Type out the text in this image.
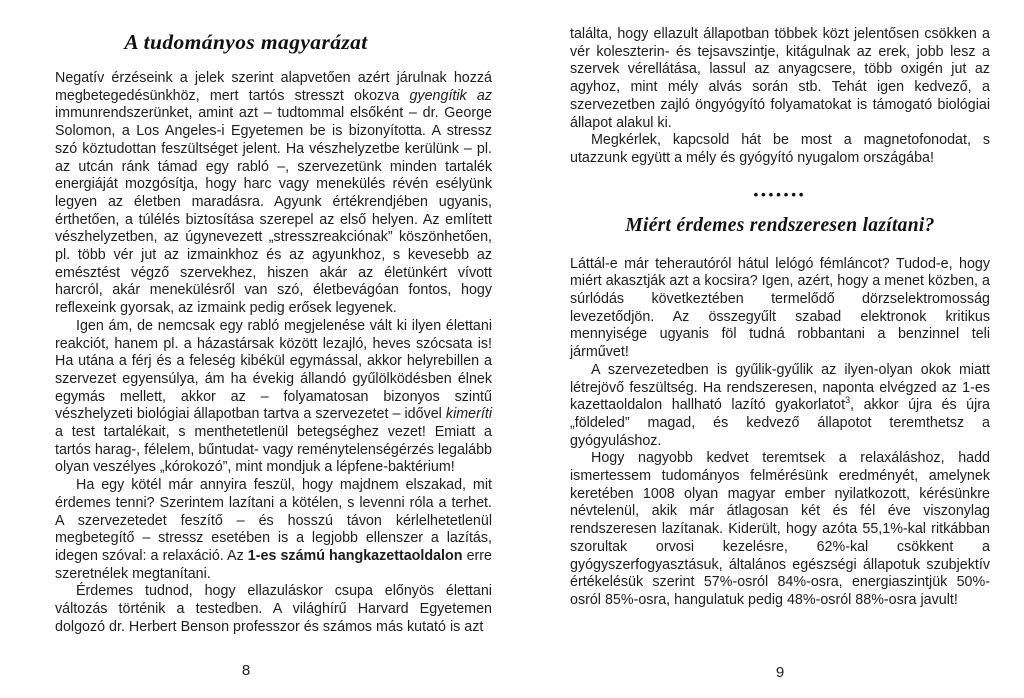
A tudományos magyarázat

Negatív érzéseink a jelek szerint alapvetően azért járulnak hozzá megbetegedésünkhöz, mert tartós stresszt okozva gyengítik az immunrendszerünket, amint azt – tudtommal elsőként – dr. George Solomon, a Los Angeles-i Egyetemen be is bizonyította. A stressz szó köztudottan feszültséget jelent. Ha vészhelyzetbe kerülünk – pl. az utcán ránk támad egy rabló –, szervezetünk minden tartalék energiáját mozgósítja, hogy harc vagy menekülés révén esélyünk legyen az életben maradásra. Agyunk értékrendjében ugyanis, érthetően, a túlélés biztosítása szerepel az első helyen. Az említett vészhelyzetben, az úgynevezett „stresszreakciónak” köszönhetően, pl. több vér jut az izmainkhoz és az agyunkhoz, s kevesebb az emésztést végző szervekhez, hiszen akár az életünkért vívott harcról, akár menekülésről van szó, életbevágóan fontos, hogy reflexeink gyorsak, az izmaink pedig erősek legyenek.

Igen ám, de nemcsak egy rabló megjelenése vált ki ilyen élettani reakciót, hanem pl. a házastársak között lezajló, heves szócsata is! Ha utána a férj és a feleség kibékül egymással, akkor helyrebillen a szervezet egyensúlya, ám ha évekig állandó gyűlölködésben élnek egymás mellett, akkor az – folyamatosan bizonyos szintű vészhelyzeti biológiai állapotban tartva a szervezetet – idővel kimeríti a test tartalékait, s menthetetlenül betegséghez vezet! Emiatt a tartós harag-, félelem, bűntudat- vagy reménytelenségérzés legalább olyan veszélyes „kórokozó”, mint mondjuk a lépfene-baktérium!

Ha egy kötél már annyira feszül, hogy majdnem elszakad, mit érdemes tenni? Szerintem lazítani a kötélen, s levenni róla a terhet. A szervezetedet feszítő – és hosszú távon kérlelhetetlenül megbetegítő – stressz esetében is a legjobb ellenszer a lazítás, idegen szóval: a relaxáció. Az 1-es számú hangkazettaoldalon erre szeretnélek megtanítani.

Érdemes tudnod, hogy ellazuláskor csupa előnyös élettani változás történik a testedben. A világhírű Harvard Egyetemen dolgozó dr. Herbert Benson professzor és számos más kutató is azt

találta, hogy ellazult állapotban többek közt jelentősen csökken a vér koleszterin- és tejsavszintje, kitágulnak az erek, jobb lesz a szervek vérellátása, lassul az anyagcsere, több oxigén jut az agyhoz, mint mély alvás során stb. Tehát igen kedvező, a szervezetben zajló öngyógyító folyamatokat is támogató biológiai állapot alakul ki.

Megkérlek, kapcsold hát be most a magnetofonodat, s utazzunk együtt a mély és gyógyító nyugalom országába!

•••••••
Miért érdemes rendszeresen lazítani?

Láttál-e már teherautóról hátul lelógó fémláncot? Tudod-e, hogy miért akasztják azt a kocsira? Igen, azért, hogy a menet közben, a súrlódás következtében termelődő dörzselektromosság levezetődjön. Az összegyűlt szabad elektronok kritikus mennyisége ugyanis föl tudná robbantani a benzinnel teli járművet!

A szervezetedben is gyűlik-gyűlik az ilyen-olyan okok miatt létrejövő feszültség. Ha rendszeresen, naponta elvégzed az 1-es kazettaoldalon hallható lazító gyakorlatot$^3$, akkor újra és újra „földeled” magad, és kedvező állapotot teremthetsz a gyógyuláshoz.

Hogy nagyobb kedvet teremtsek a relaxáláshoz, hadd ismertessem tudományos felmérésünk eredményét, amelynek keretében 1008 olyan magyar ember nyilatkozott, kérésünkre névtelenül, akik már átlagosan két és fél éve viszonylag rendszeresen lazítanak. Kiderült, hogy azóta 55,1%-kal ritkábban szorultak orvosi kezelésre, 62%-kal csökkent a gyógyszerfogyasztásuk, általános egészségi állapotuk szubjektív értékelésük szerint 57%-osról 84%-osra, energiaszintjük 50%-osról 85%-osra, hangulatuk pedig 48%-osról 88%-osra javult!

8	9
